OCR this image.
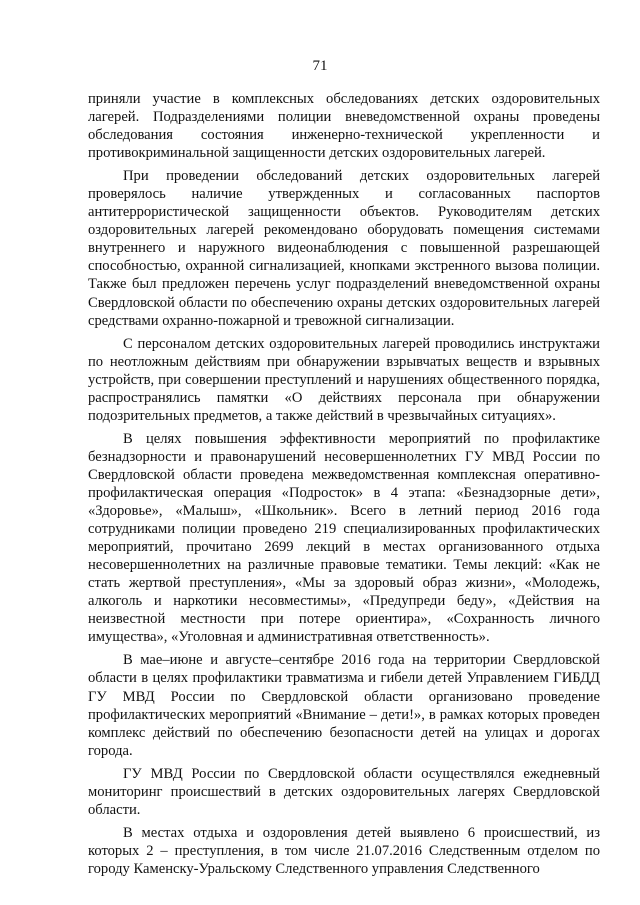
71

приняли участие в комплексных обследованиях детских оздоровительных лагерей. Подразделениями полиции вневедомственной охраны проведены обследования состояния инженерно-технической укрепленности и противокриминальной защищенности детских оздоровительных лагерей.

При проведении обследований детских оздоровительных лагерей проверялось наличие утвержденных и согласованных паспортов антитеррористической защищенности объектов. Руководителям детских оздоровительных лагерей рекомендовано оборудовать помещения системами внутреннего и наружного видеонаблюдения с повышенной разрешающей способностью, охранной сигнализацией, кнопками экстренного вызова полиции. Также был предложен перечень услуг подразделений вневедомственной охраны Свердловской области по обеспечению охраны детских оздоровительных лагерей средствами охранно-пожарной и тревожной сигнализации.

С персоналом детских оздоровительных лагерей проводились инструктажи по неотложным действиям при обнаружении взрывчатых веществ и взрывных устройств, при совершении преступлений и нарушениях общественного порядка, распространялись памятки «О действиях персонала при обнаружении подозрительных предметов, а также действий в чрезвычайных ситуациях».

В целях повышения эффективности мероприятий по профилактике безнадзорности и правонарушений несовершеннолетних ГУ МВД России по Свердловской области проведена межведомственная комплексная оперативно-профилактическая операция «Подросток» в 4 этапа: «Безнадзорные дети», «Здоровье», «Малыш», «Школьник». Всего в летний период 2016 года сотрудниками полиции проведено 219 специализированных профилактических мероприятий, прочитано 2699 лекций в местах организованного отдыха несовершеннолетних на различные правовые тематики. Темы лекций: «Как не стать жертвой преступления», «Мы за здоровый образ жизни», «Молодежь, алкоголь и наркотики несовместимы», «Предупреди беду», «Действия на неизвестной местности при потере ориентира», «Сохранность личного имущества», «Уголовная и административная ответственность».

В мае–июне и августе–сентябре 2016 года на территории Свердловской области в целях профилактики травматизма и гибели детей Управлением ГИБДД ГУ МВД России по Свердловской области организовано проведение профилактических мероприятий «Внимание – дети!», в рамках которых проведен комплекс действий по обеспечению безопасности детей на улицах и дорогах города.

ГУ МВД России по Свердловской области осуществлялся ежедневный мониторинг происшествий в детских оздоровительных лагерях Свердловской области.

В местах отдыха и оздоровления детей выявлено 6 происшествий, из которых 2 – преступления, в том числе 21.07.2016 Следственным отделом по городу Каменску-Уральскому Следственного управления Следственного
